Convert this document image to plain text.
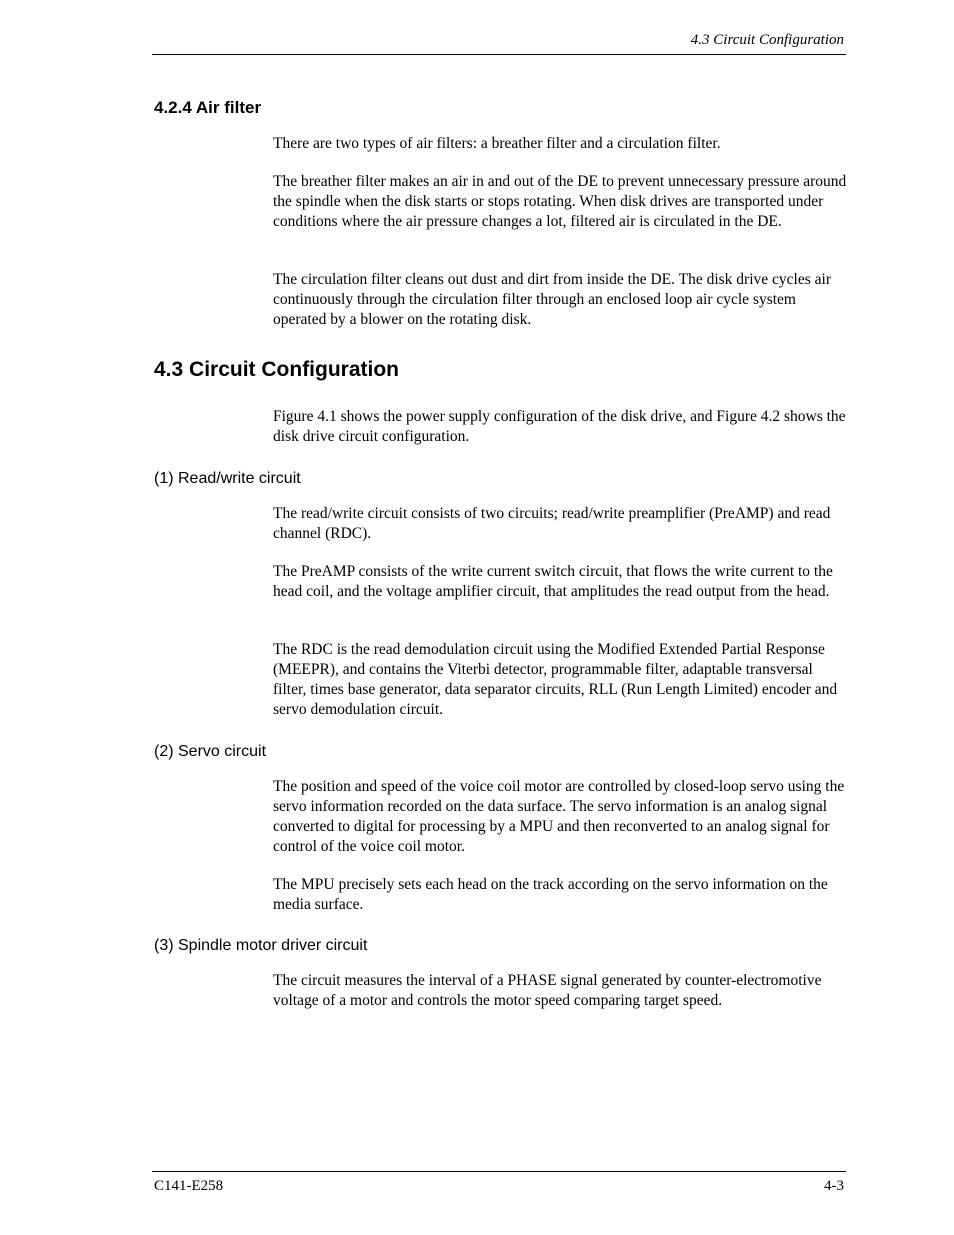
4.3 Circuit Configuration
4.2.4 Air filter

There are two types of air filters: a breather filter and a circulation filter.

The breather filter makes an air in and out of the DE to prevent unnecessary pressure around the spindle when the disk starts or stops rotating. When disk drives are transported under conditions where the air pressure changes a lot, filtered air is circulated in the DE.

The circulation filter cleans out dust and dirt from inside the DE. The disk drive cycles air continuously through the circulation filter through an enclosed loop air cycle system operated by a blower on the rotating disk.

4.3 Circuit Configuration

Figure 4.1 shows the power supply configuration of the disk drive, and Figure 4.2 shows the disk drive circuit configuration.

(1) Read/write circuit

The read/write circuit consists of two circuits; read/write preamplifier (PreAMP) and read channel (RDC).

The PreAMP consists of the write current switch circuit, that flows the write current to the head coil, and the voltage amplifier circuit, that amplitudes the read output from the head.

The RDC is the read demodulation circuit using the Modified Extended Partial Response (MEEPR), and contains the Viterbi detector, programmable filter, adaptable transversal filter, times base generator, data separator circuits, RLL (Run Length Limited) encoder and servo demodulation circuit.

(2) Servo circuit

The position and speed of the voice coil motor are controlled by closed-loop servo using the servo information recorded on the data surface. The servo information is an analog signal converted to digital for processing by a MPU and then reconverted to an analog signal for control of the voice coil motor.

The MPU precisely sets each head on the track according on the servo information on the media surface.

(3) Spindle motor driver circuit

The circuit measures the interval of a PHASE signal generated by counter-electromotive voltage of a motor and controls the motor speed comparing target speed.

C141-E258	4-3
